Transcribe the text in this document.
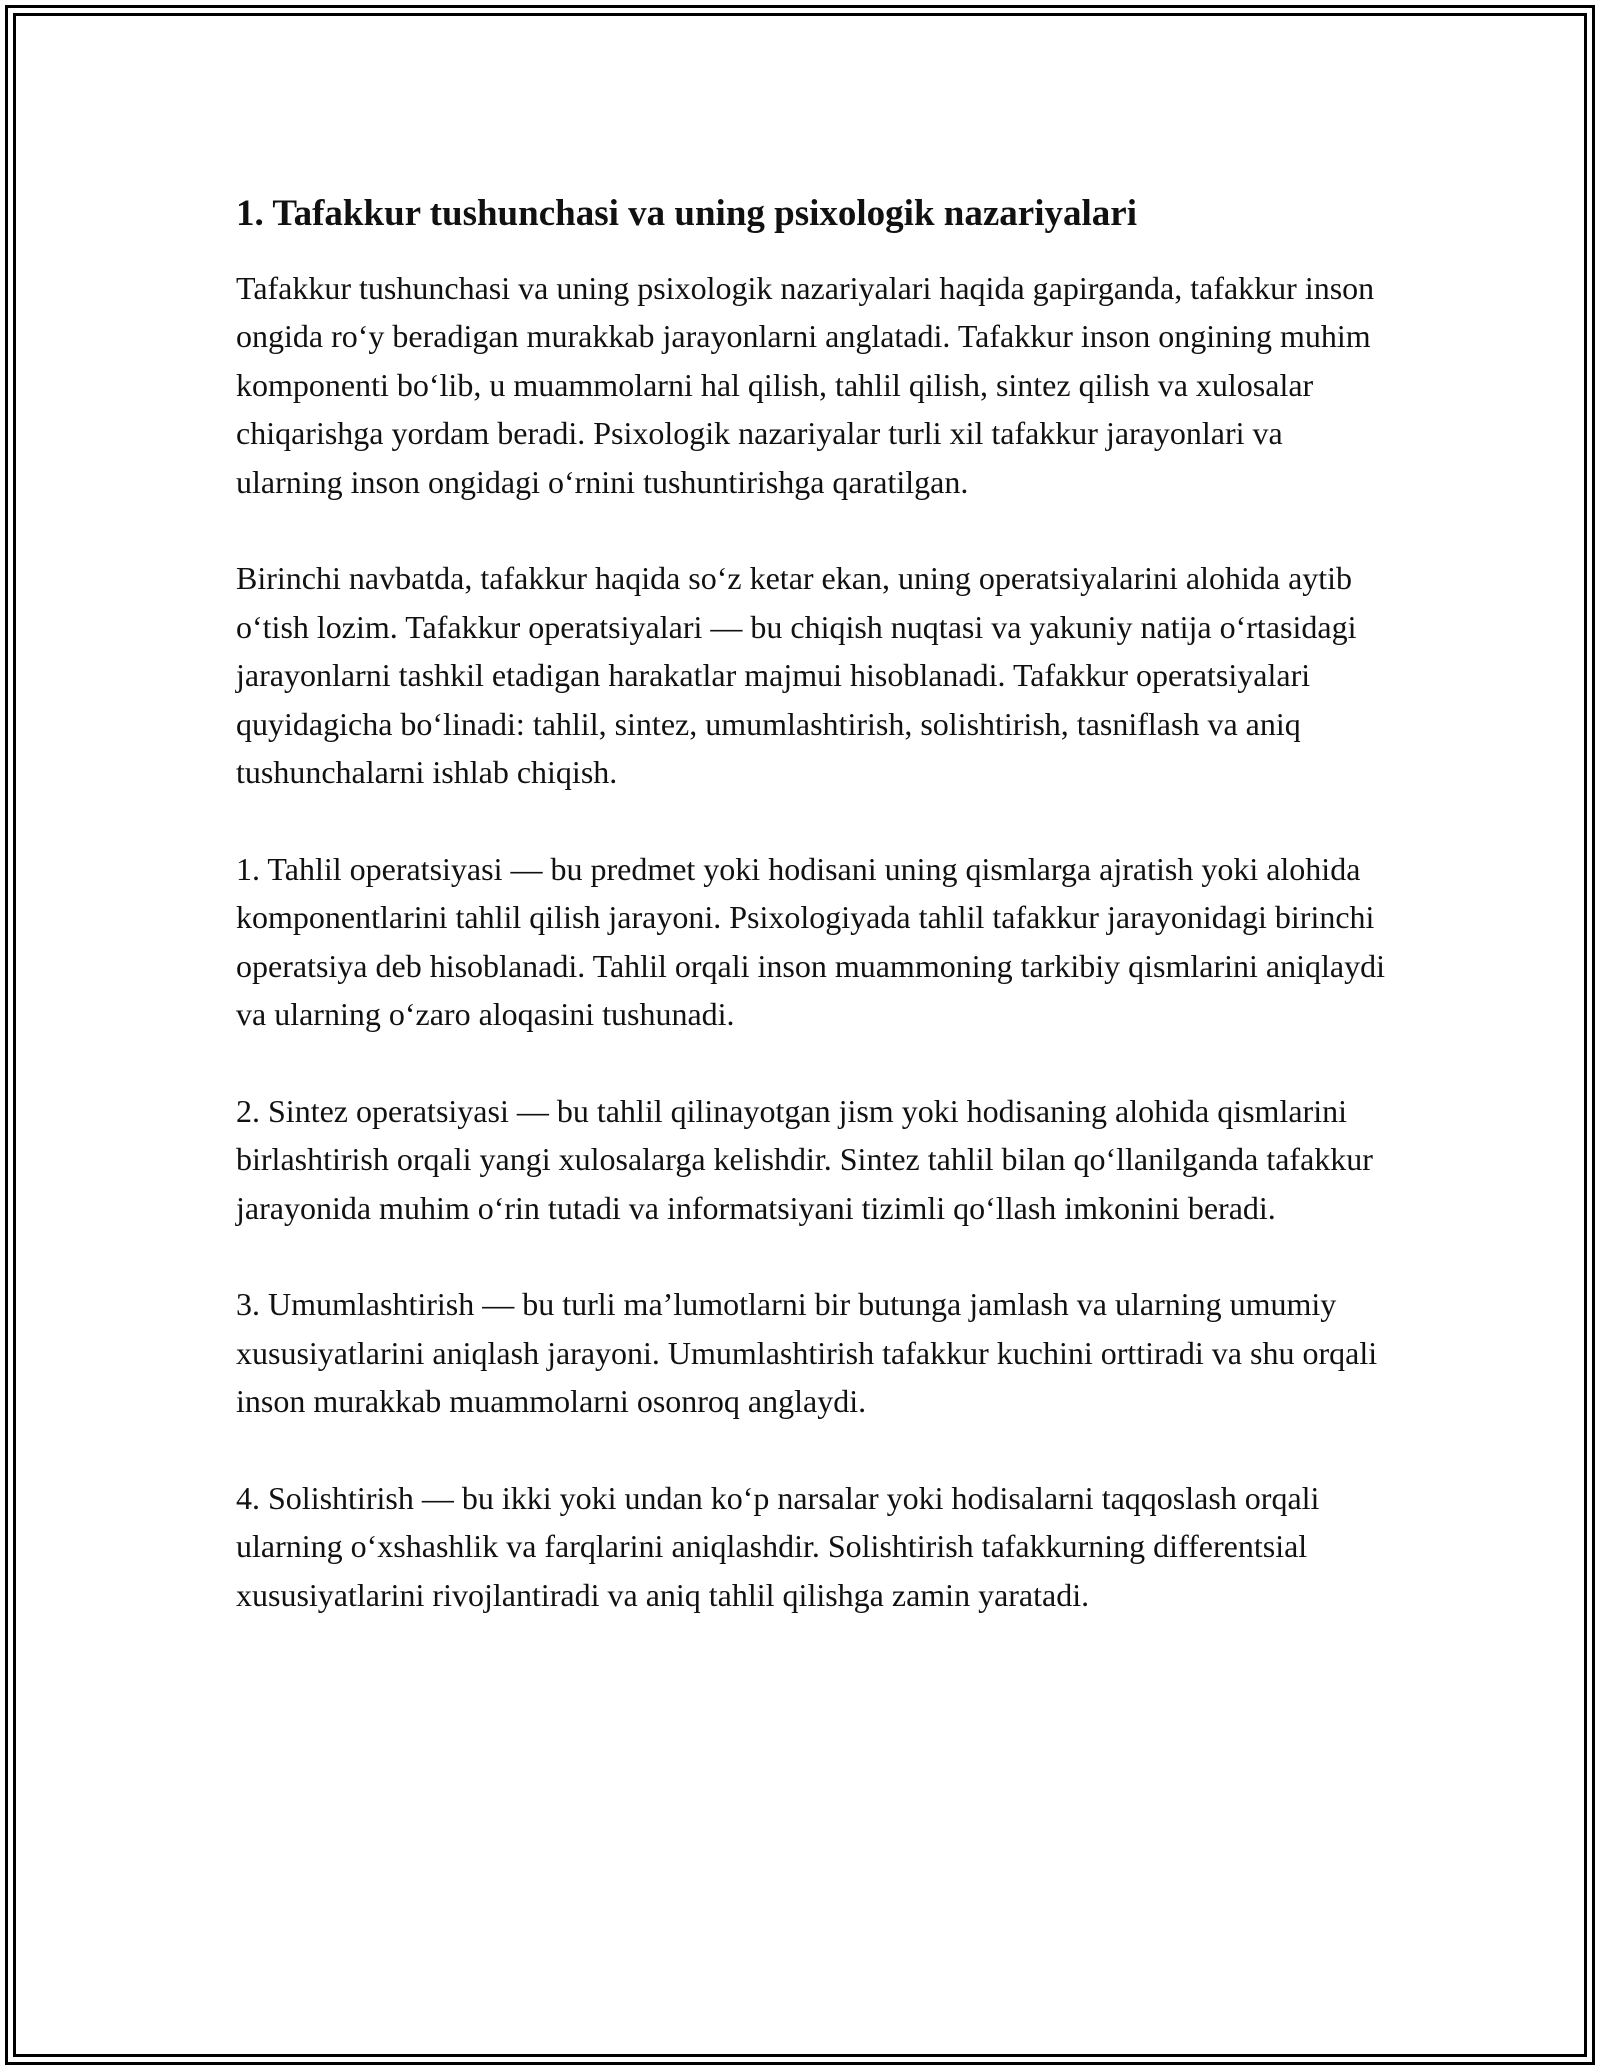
1. Tafakkur tushunchasi va uning psixologik nazariyalari

Tafakkur tushunchasi va uning psixologik nazariyalari haqida gapirganda, tafakkur inson ongida ro‘y beradigan murakkab jarayonlarni anglatadi. Tafakkur inson ongining muhim komponenti bo‘lib, u muammolarni hal qilish, tahlil qilish, sintez qilish va xulosalar chiqarishga yordam beradi. Psixologik nazariyalar turli xil tafakkur jarayonlari va ularning inson ongidagi o‘rnini tushuntirishga qaratilgan.

Birinchi navbatda, tafakkur haqida so‘z ketar ekan, uning operatsiyalarini alohida aytib o‘tish lozim. Tafakkur operatsiyalari — bu chiqish nuqtasi va yakuniy natija o‘rtasidagi jarayonlarni tashkil etadigan harakatlar majmui hisoblanadi. Tafakkur operatsiyalari quyidagicha bo‘linadi: tahlil, sintez, umumlashtirish, solishtirish, tasniflash va aniq tushunchalarni ishlab chiqish.

1. Tahlil operatsiyasi — bu predmet yoki hodisani uning qismlarga ajratish yoki alohida komponentlarini tahlil qilish jarayoni. Psixologiyada tahlil tafakkur jarayonidagi birinchi operatsiya deb hisoblanadi. Tahlil orqali inson muammoning tarkibiy qismlarini aniqlaydi va ularning o‘zaro aloqasini tushunadi.

2. Sintez operatsiyasi — bu tahlil qilinayotgan jism yoki hodisaning alohida qismlarini birlashtirish orqali yangi xulosalarga kelishdir. Sintez tahlil bilan qo‘llanilganda tafakkur jarayonida muhim o‘rin tutadi va informatsiyani tizimli qo‘llash imkonini beradi.

3. Umumlashtirish — bu turli ma’lumotlarni bir butunga jamlash va ularning umumiy xususiyatlarini aniqlash jarayoni. Umumlashtirish tafakkur kuchini orttiradi va shu orqali inson murakkab muammolarni osonroq anglaydi.

4. Solishtirish — bu ikki yoki undan ko‘p narsalar yoki hodisalarni taqqoslash orqali ularning o‘xshashlik va farqlarini aniqlashdir. Solishtirish tafakkurning differentsial xususiyatlarini rivojlantiradi va aniq tahlil qilishga zamin yaratadi.
